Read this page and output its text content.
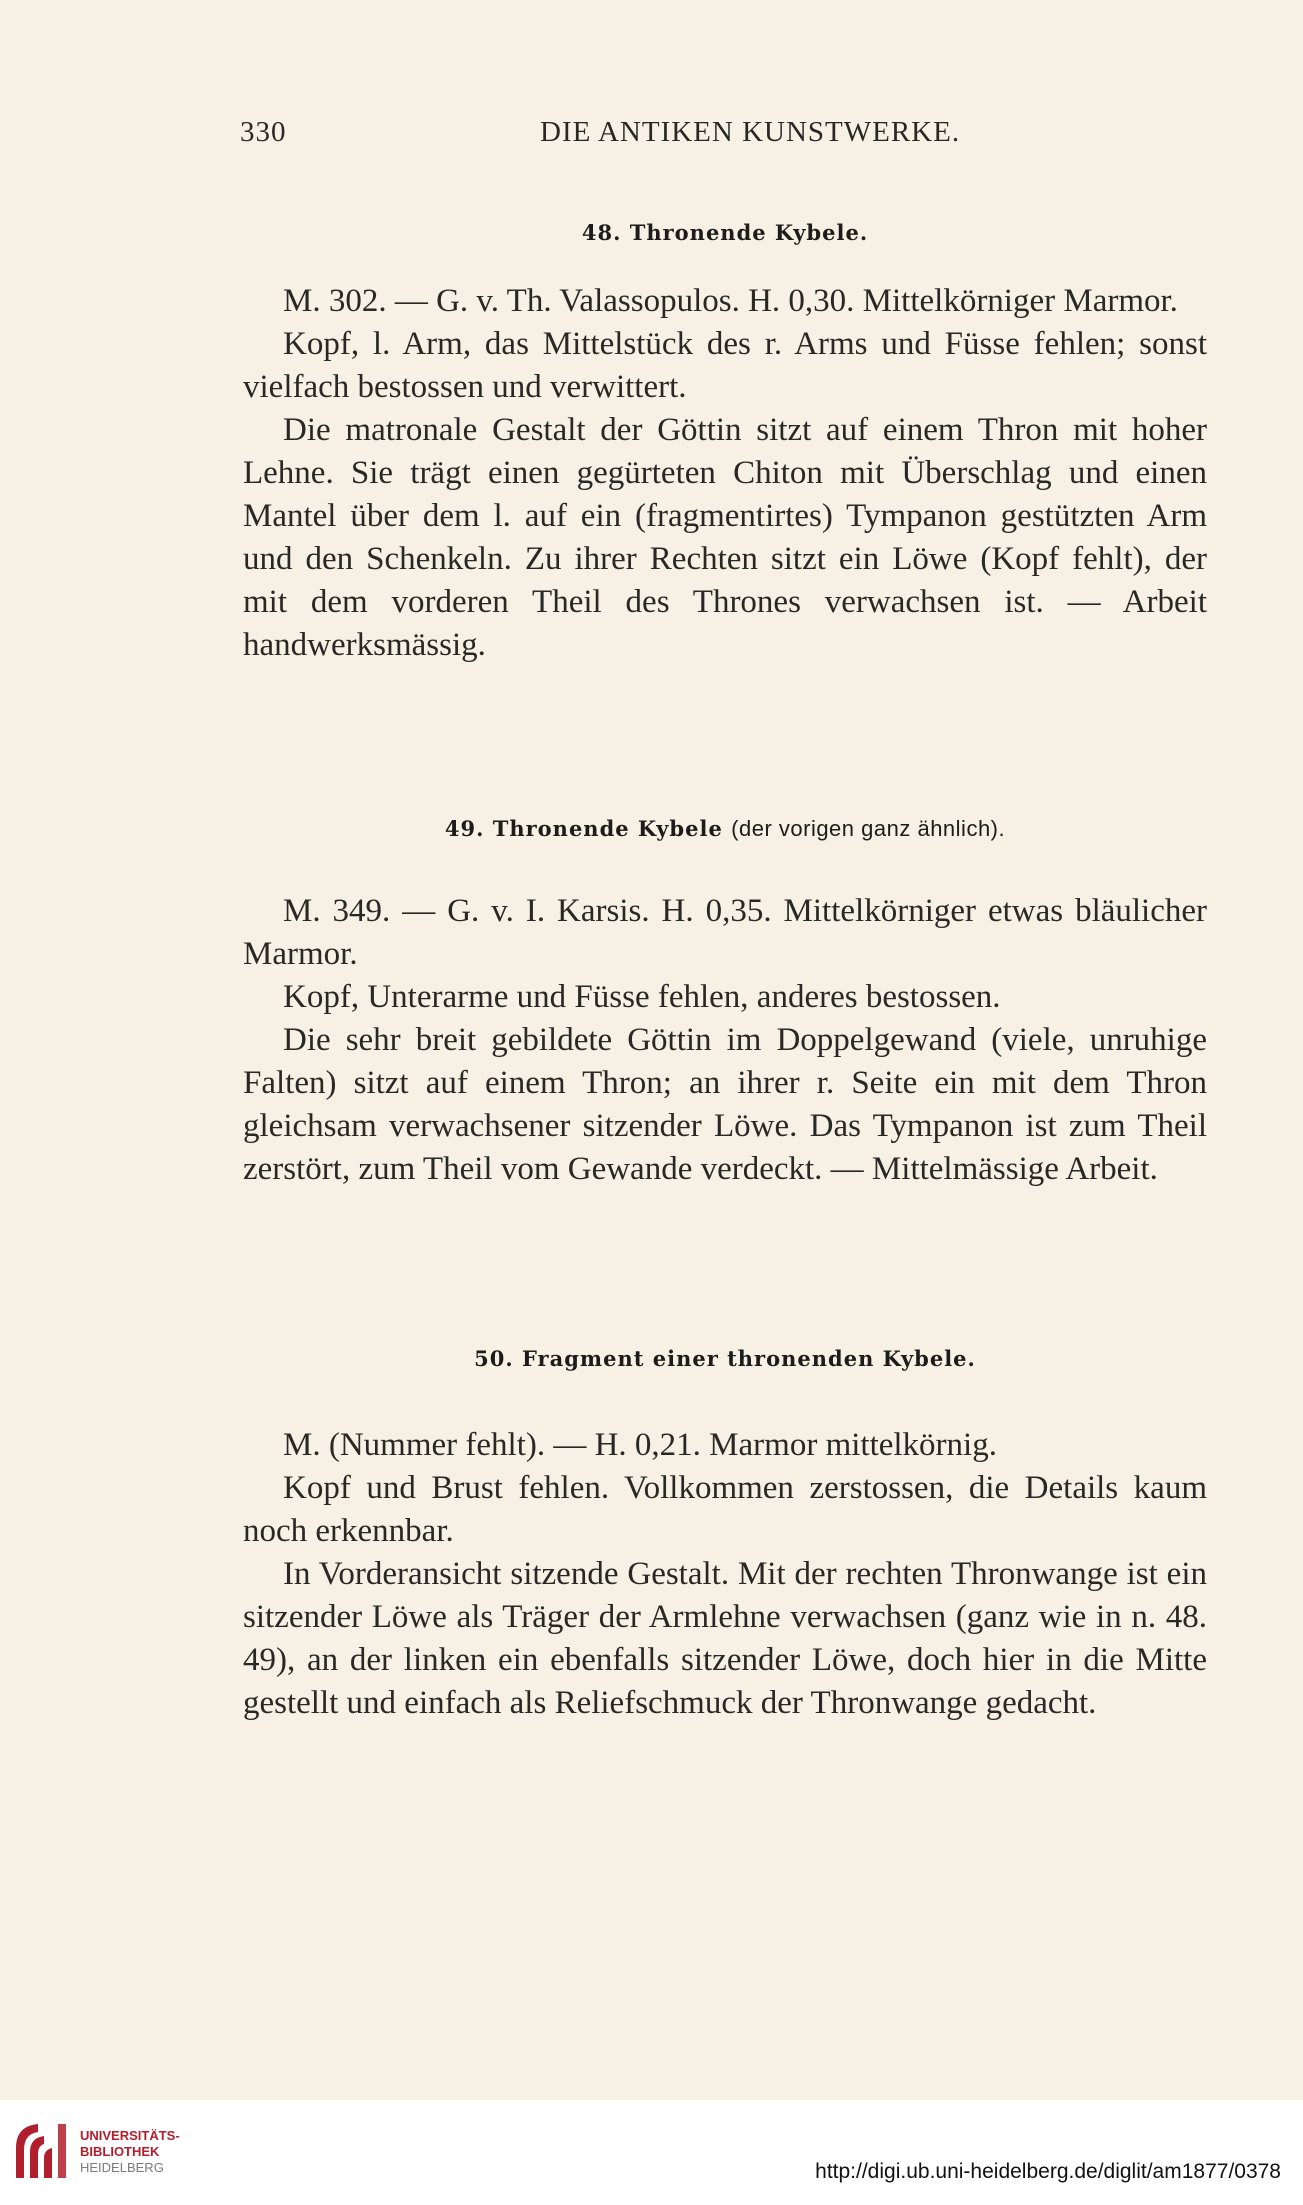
330	DIE ANTIKEN KUNSTWERKE.
48. Thronende Kybele.

M. 302. — G. v. Th. Valassopulos. H. 0,30. Mittelkörniger Marmor.

Kopf, l. Arm, das Mittelstück des r. Arms und Füsse fehlen; sonst vielfach bestossen und verwittert.

Die matronale Gestalt der Göttin sitzt auf einem Thron mit hoher Lehne. Sie trägt einen gegürteten Chiton mit Überschlag und einen Mantel über dem l. auf ein (fragmentirtes) Tympanon gestützten Arm und den Schenkeln. Zu ihrer Rechten sitzt ein Löwe (Kopf fehlt), der mit dem vorderen Theil des Thrones verwachsen ist. — Arbeit handwerksmässig.

49. Thronende Kybele (der vorigen ganz ähnlich).

M. 349. — G. v. I. Karsis. H. 0,35. Mittelkörniger etwas bläulicher Marmor.

Kopf, Unterarme und Füsse fehlen, anderes bestossen.

Die sehr breit gebildete Göttin im Doppelgewand (viele, unruhige Falten) sitzt auf einem Thron; an ihrer r. Seite ein mit dem Thron gleichsam verwachsener sitzender Löwe. Das Tympanon ist zum Theil zerstört, zum Theil vom Gewande verdeckt. — Mittelmässige Arbeit.

50. Fragment einer thronenden Kybele.

M. (Nummer fehlt). — H. 0,21. Marmor mittelkörnig.

Kopf und Brust fehlen. Vollkommen zerstossen, die Details kaum noch erkennbar.

In Vorderansicht sitzende Gestalt. Mit der rechten Thronwange ist ein sitzender Löwe als Träger der Armlehne verwachsen (ganz wie in n. 48. 49), an der linken ein ebenfalls sitzender Löwe, doch hier in die Mitte gestellt und einfach als Reliefschmuck der Thronwange gedacht.

UNIVERSITÄTS-
BIBLIOTHEK
HEIDELBERG	http://digi.ub.uni-heidelberg.de/diglit/am1877/0378
